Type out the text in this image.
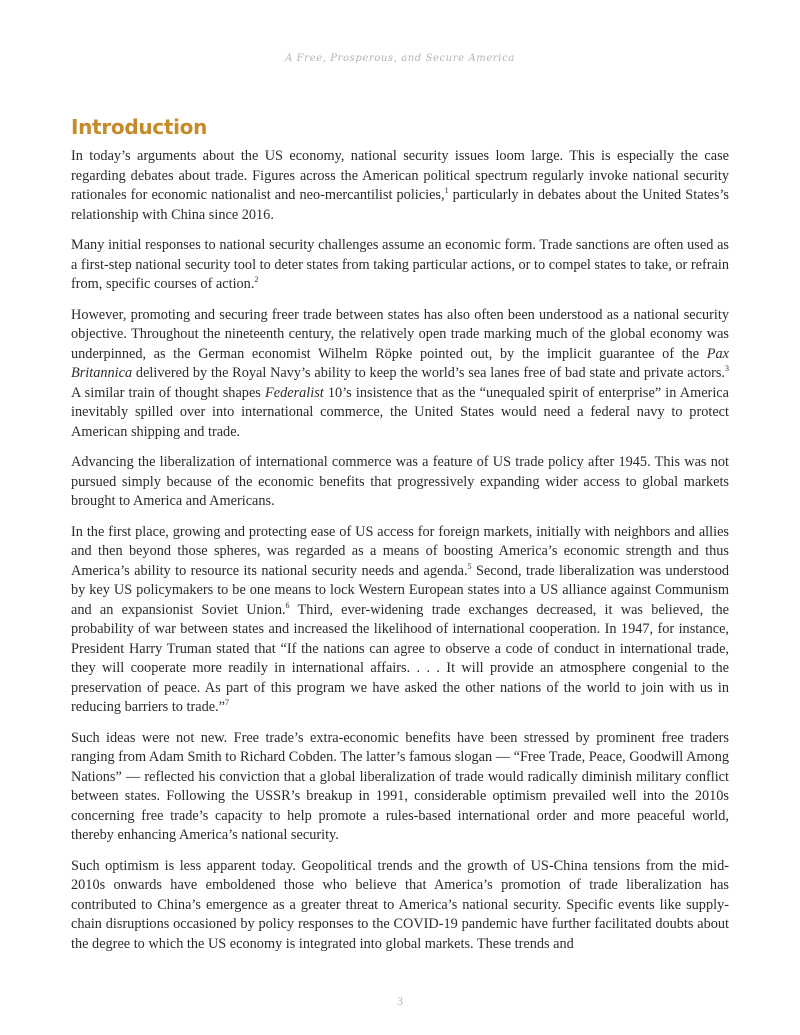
A Free, Prosperous, and Secure America
Introduction

In today’s arguments about the US economy, national security issues loom large. This is especially the case regarding debates about trade. Figures across the American political spectrum regularly invoke national security rationales for economic nationalist and neo-mercantilist policies,$^1$ particularly in debates about the United States’s relationship with China since 2016.

Many initial responses to national security challenges assume an economic form. Trade sanctions are often used as a first-step national security tool to deter states from taking particular actions, or to compel states to take, or refrain from, specific courses of action.$^2$

However, promoting and securing freer trade between states has also often been understood as a national security objective. Throughout the nineteenth century, the relatively open trade marking much of the global economy was underpinned, as the German economist Wilhelm Röpke pointed out, by the implicit guarantee of the Pax Britannica delivered by the Royal Navy’s ability to keep the world’s sea lanes free of bad state and private actors.$^3$ A similar train of thought shapes Federalist 10’s insistence that as the “unequaled spirit of enterprise” in America inevitably spilled over into international commerce, the United States would need a federal navy to protect American shipping and trade.

Advancing the liberalization of international commerce was a feature of US trade policy after 1945. This was not pursued simply because of the economic benefits that progressively expanding wider access to global markets brought to America and Americans.

In the first place, growing and protecting ease of US access for foreign markets, initially with neighbors and allies and then beyond those spheres, was regarded as a means of boosting America’s economic strength and thus America’s ability to resource its national security needs and agenda.$^5$ Second, trade liberalization was understood by key US policymakers to be one means to lock Western European states into a US alliance against Communism and an expansionist Soviet Union.$^6$ Third, ever-widening trade exchanges decreased, it was believed, the probability of war between states and increased the likelihood of international cooperation. In 1947, for instance, President Harry Truman stated that “If the nations can agree to observe a code of conduct in international trade, they will cooperate more readily in international affairs. . . . It will provide an atmosphere congenial to the preservation of peace. As part of this program we have asked the other nations of the world to join with us in reducing barriers to trade.”$^7$

Such ideas were not new. Free trade’s extra-economic benefits have been stressed by prominent free traders ranging from Adam Smith to Richard Cobden. The latter’s famous slogan — “Free Trade, Peace, Goodwill Among Nations” — reflected his conviction that a global liberalization of trade would radically diminish military conflict between states. Following the USSR’s breakup in 1991, considerable optimism prevailed well into the 2010s concerning free trade’s capacity to help promote a rules-based international order and more peaceful world, thereby enhancing America’s national security.

Such optimism is less apparent today. Geopolitical trends and the growth of US-China tensions from the mid-2010s onwards have emboldened those who believe that America’s promotion of trade liberalization has contributed to China’s emergence as a greater threat to America’s national security. Specific events like supply-chain disruptions occasioned by policy responses to the COVID-19 pandemic have further facilitated doubts about the degree to which the US economy is integrated into global markets. These trends and

3
